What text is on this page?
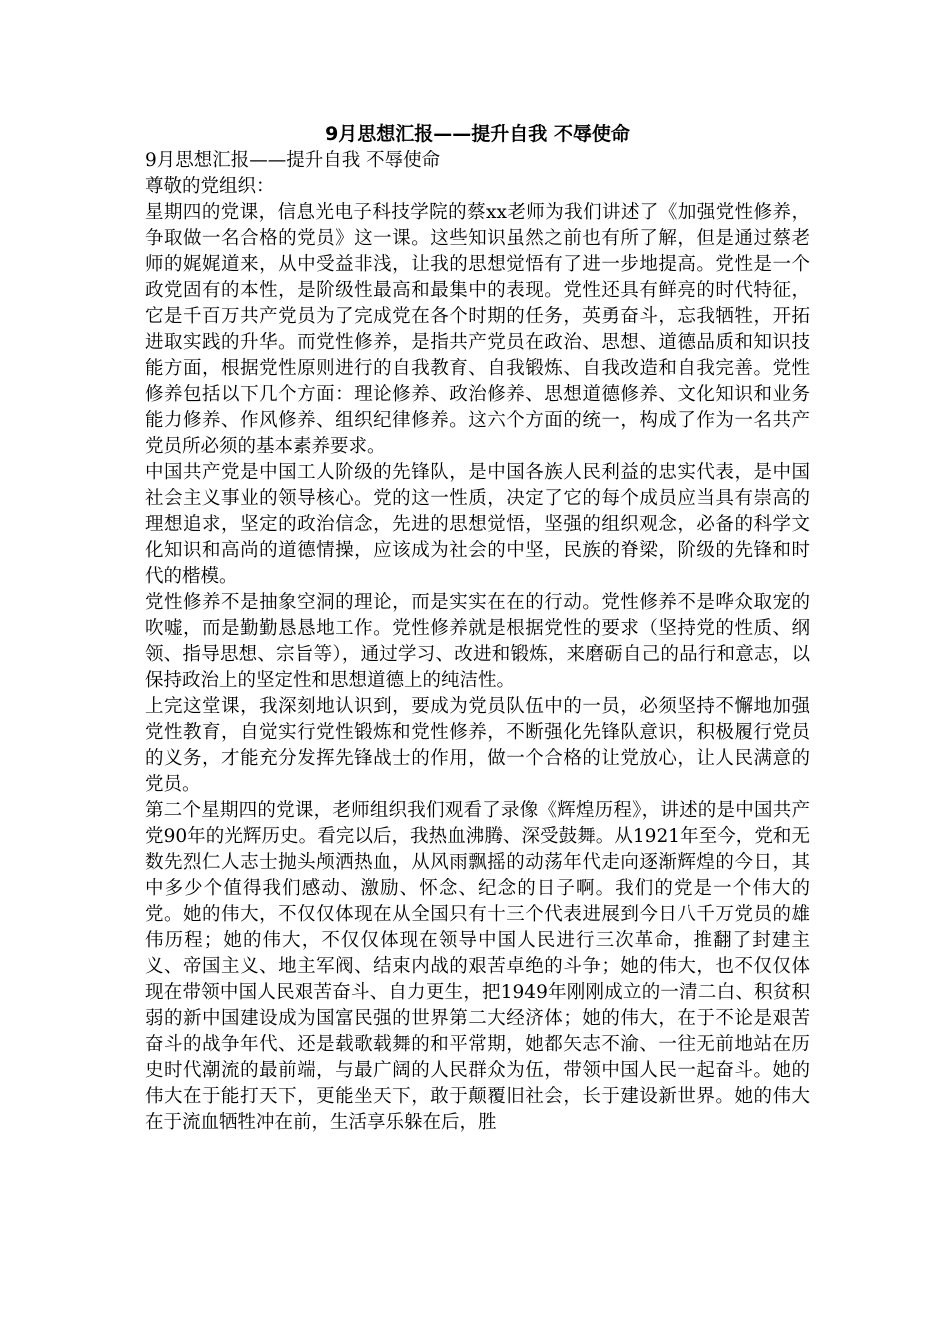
9月思想汇报——提升自我 不辱使命

9月思想汇报——提升自我 不辱使命

尊敬的党组织：

星期四的党课，信息光电子科技学院的蔡xx老师为我们讲述了《加强党性修养，争取做一名合格的党员》这一课。这些知识虽然之前也有所了解，但是通过蔡老师的娓娓道来，从中受益非浅，让我的思想觉悟有了进一步地提高。党性是一个政党固有的本性，是阶级性最高和最集中的表现。党性还具有鲜亮的时代特征，它是千百万共产党员为了完成党在各个时期的任务，英勇奋斗，忘我牺牲，开拓进取实践的升华。而党性修养，是指共产党员在政治、思想、道德品质和知识技能方面，根据党性原则进行的自我教育、自我锻炼、自我改造和自我完善。党性修养包括以下几个方面：理论修养、政治修养、思想道德修养、文化知识和业务能力修养、作风修养、组织纪律修养。这六个方面的统一，构成了作为一名共产党员所必须的基本素养要求。

中国共产党是中国工人阶级的先锋队，是中国各族人民利益的忠实代表，是中国社会主义事业的领导核心。党的这一性质，决定了它的每个成员应当具有崇高的理想追求，坚定的政治信念，先进的思想觉悟，坚强的组织观念，必备的科学文化知识和高尚的道德情操，应该成为社会的中坚，民族的脊梁，阶级的先锋和时代的楷模。

党性修养不是抽象空洞的理论，而是实实在在的行动。党性修养不是哗众取宠的吹嘘，而是勤勤恳恳地工作。党性修养就是根据党性的要求（坚持党的性质、纲领、指导思想、宗旨等），通过学习、改进和锻炼，来磨砺自己的品行和意志，以保持政治上的坚定性和思想道德上的纯洁性。

上完这堂课，我深刻地认识到，要成为党员队伍中的一员，必须坚持不懈地加强党性教育，自觉实行党性锻炼和党性修养，不断强化先锋队意识，积极履行党员的义务，才能充分发挥先锋战士的作用，做一个合格的让党放心，让人民满意的党员。

第二个星期四的党课，老师组织我们观看了录像《辉煌历程》，讲述的是中国共产党90年的光辉历史。看完以后，我热血沸腾、深受鼓舞。从1921年至今，党和无数先烈仁人志士抛头颅洒热血，从风雨飘摇的动荡年代走向逐渐辉煌的今日，其中多少个值得我们感动、激励、怀念、纪念的日子啊。我们的党是一个伟大的党。她的伟大，不仅仅体现在从全国只有十三个代表进展到今日八千万党员的雄伟历程；她的伟大，不仅仅体现在领导中国人民进行三次革命，推翻了封建主义、帝国主义、地主军阀、结束内战的艰苦卓绝的斗争；她的伟大，也不仅仅体现在带领中国人民艰苦奋斗、自力更生，把1949年刚刚成立的一清二白、积贫积弱的新中国建设成为国富民强的世界第二大经济体；她的伟大，在于不论是艰苦奋斗的战争年代、还是载歌载舞的和平常期，她都矢志不渝、一往无前地站在历史时代潮流的最前端，与最广阔的人民群众为伍，带领中国人民一起奋斗。她的伟大在于能打天下，更能坐天下，敢于颠覆旧社会，长于建设新世界。她的伟大在于流血牺牲冲在前，生活享乐躲在后，胜
